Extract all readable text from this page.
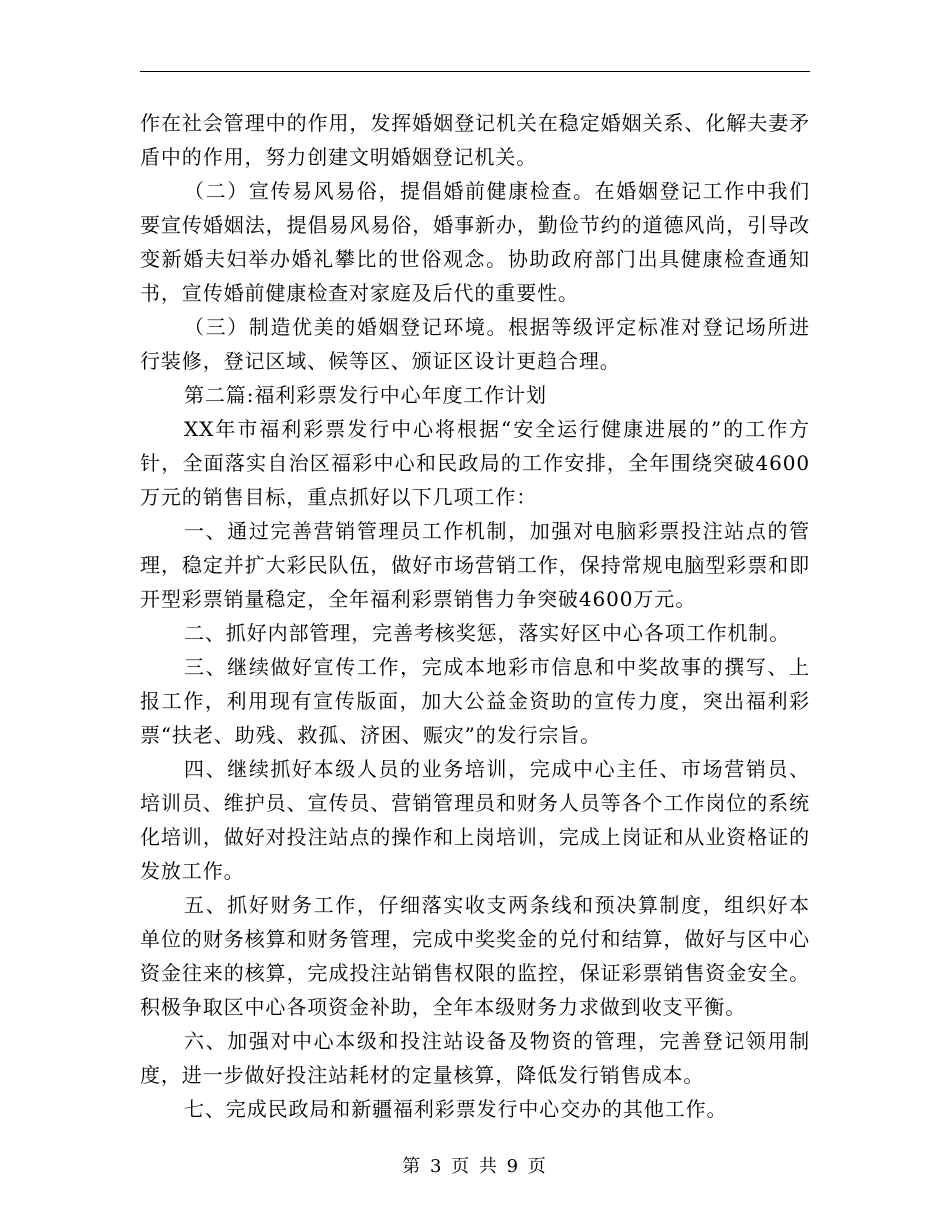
作在社会管理中的作用，发挥婚姻登记机关在稳定婚姻关系、化解夫妻矛盾中的作用，努力创建文明婚姻登记机关。

（二）宣传易风易俗，提倡婚前健康检查。在婚姻登记工作中我们要宣传婚姻法，提倡易风易俗，婚事新办，勤俭节约的道德风尚，引导改变新婚夫妇举办婚礼攀比的世俗观念。协助政府部门出具健康检查通知书，宣传婚前健康检查对家庭及后代的重要性。

（三）制造优美的婚姻登记环境。根据等级评定标准对登记场所进行装修，登记区域、候等区、颁证区设计更趋合理。

第二篇:福利彩票发行中心年度工作计划

XX年市福利彩票发行中心将根据“安全运行健康进展的”的工作方针，全面落实自治区福彩中心和民政局的工作安排，全年围绕突破4600万元的销售目标，重点抓好以下几项工作：

一、通过完善营销管理员工作机制，加强对电脑彩票投注站点的管理，稳定并扩大彩民队伍，做好市场营销工作，保持常规电脑型彩票和即开型彩票销量稳定，全年福利彩票销售力争突破4600万元。

二、抓好内部管理，完善考核奖惩，落实好区中心各项工作机制。

三、继续做好宣传工作，完成本地彩市信息和中奖故事的撰写、上报工作，利用现有宣传版面，加大公益金资助的宣传力度，突出福利彩票“扶老、助残、救孤、济困、赈灾”的发行宗旨。

四、继续抓好本级人员的业务培训，完成中心主任、市场营销员、培训员、维护员、宣传员、营销管理员和财务人员等各个工作岗位的系统化培训，做好对投注站点的操作和上岗培训，完成上岗证和从业资格证的发放工作。

五、抓好财务工作，仔细落实收支两条线和预决算制度，组织好本单位的财务核算和财务管理，完成中奖奖金的兑付和结算，做好与区中心资金往来的核算，完成投注站销售权限的监控，保证彩票销售资金安全。积极争取区中心各项资金补助，全年本级财务力求做到收支平衡。

六、加强对中心本级和投注站设备及物资的管理，完善登记领用制度，进一步做好投注站耗材的定量核算，降低发行销售成本。

七、完成民政局和新疆福利彩票发行中心交办的其他工作。

第 3 页 共 9 页
